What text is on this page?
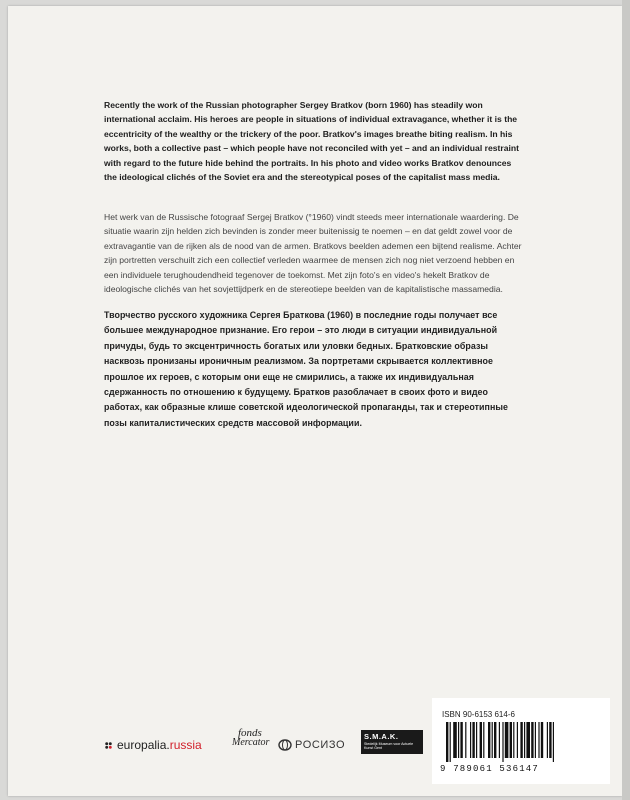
Recently the work of the Russian photographer Sergey Bratkov (born 1960) has steadily won international acclaim. His heroes are people in situations of individual extravagance, whether it is the eccentricity of the wealthy or the trickery of the poor. Bratkov's images breathe biting realism. In his works, both a collective past – which people have not reconciled with yet – and an individual restraint with regard to the future hide behind the portraits. In his photo and video works Bratkov denounces the ideological clichés of the Soviet era and the stereotypical poses of the capitalist mass media.

Het werk van de Russische fotograaf Sergej Bratkov (°1960) vindt steeds meer internationale waardering. De situatie waarin zijn helden zich bevinden is zonder meer buitenissig te noemen – en dat geldt zowel voor de extravagantie van de rijken als de nood van de armen. Bratkovs beelden ademen een bijtend realisme. Achter zijn portretten verschuilt zich een collectief verleden waarmee de mensen zich nog niet verzoend hebben en een individuele terughoudendheid tegenover de toekomst. Met zijn foto's en video's hekelt Bratkov de ideologische clichés van het sovjettijdperk en de stereotiepe beelden van de kapitalistische massamedia.

Творчество русского художника Сергея Браткова (1960) в последние годы получает все большее международное признание. Его герои – это люди в ситуации индивидуальной причуды, будь то эксцентричность богатых или уловки бедных. Братковские образы насквозь пронизаны ироничным реализмом. За портретами скрывается коллективное прошлое их героев, с которым они еще не смирились, а также их индивидуальная сдержанность по отношению к будущему. Братков разоблачает в своих фото и видео работах, как образные клише советской идеологической пропаганды, так и стереотипные позы капиталистических средств массовой информации.

europalia. russia
fonds
Mercator РОСИЗО
S.M.A.K.
Stedelijk Museum voor Actuele Kunst Gent
ISBN 90-6153 614-6
9 789061 536147
